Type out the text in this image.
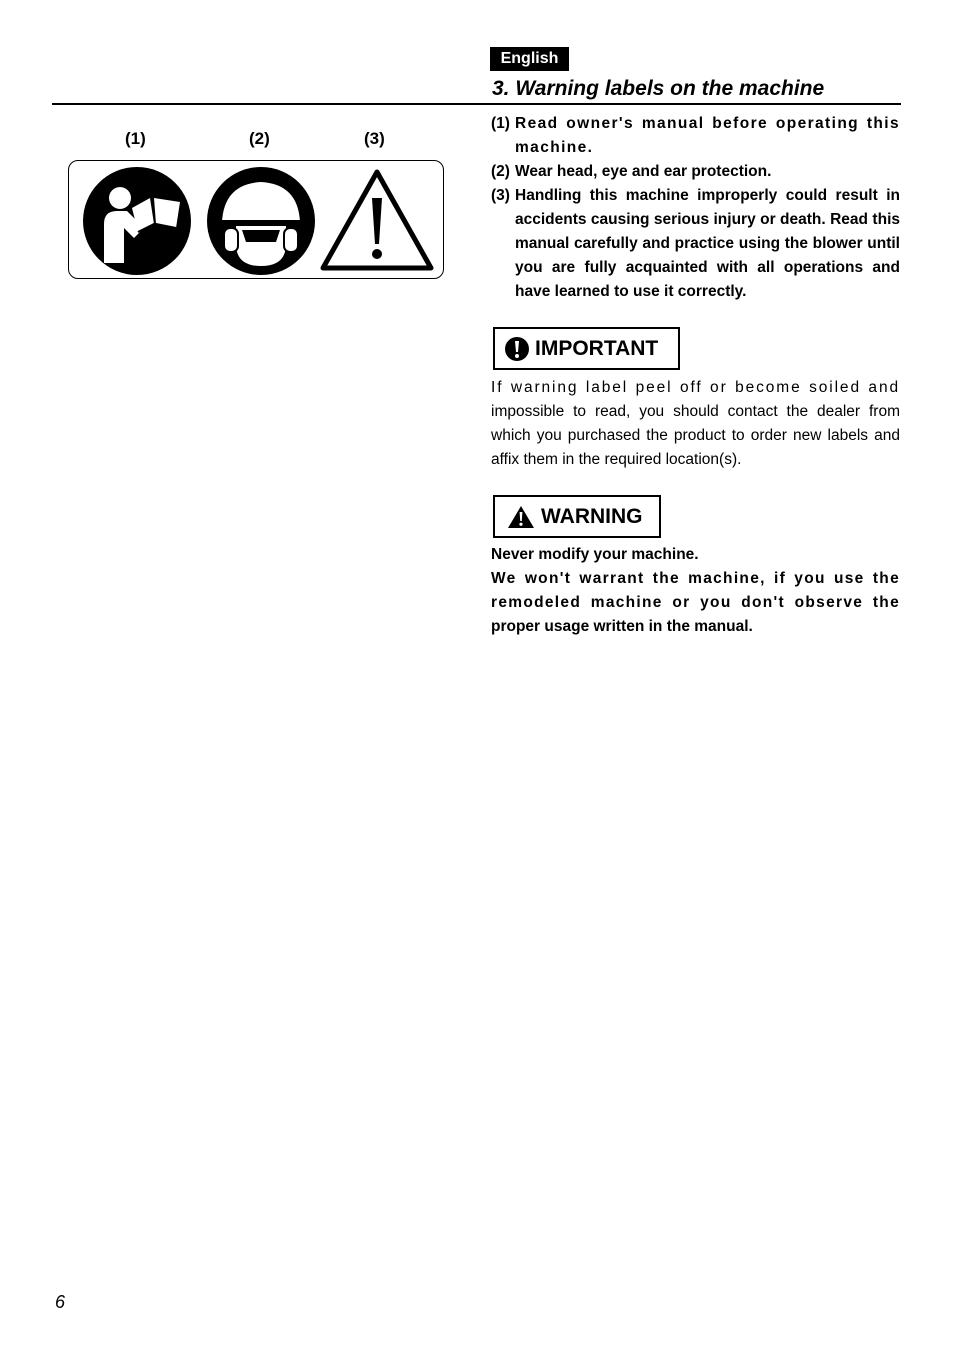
English
3. Warning labels on the machine
(1)	(2)	(3)
(1) Read owner's manual before operating this machine.
(2) Wear head, eye and ear protection.
(3) Handling this machine improperly could result in accidents causing serious injury or death. Read this manual carefully and practice using the blower until you are fully acquainted with all operations and have learned to use it correctly.
IMPORTANT

If warning label peel off or become soiled and impossible to read, you should contact the dealer from which you purchased the product to order new labels and affix them in the required location(s).

WARNING

Never modify your machine.
We won't warrant the machine, if you use the remodeled machine or you don't observe the proper usage written in the manual.

6
